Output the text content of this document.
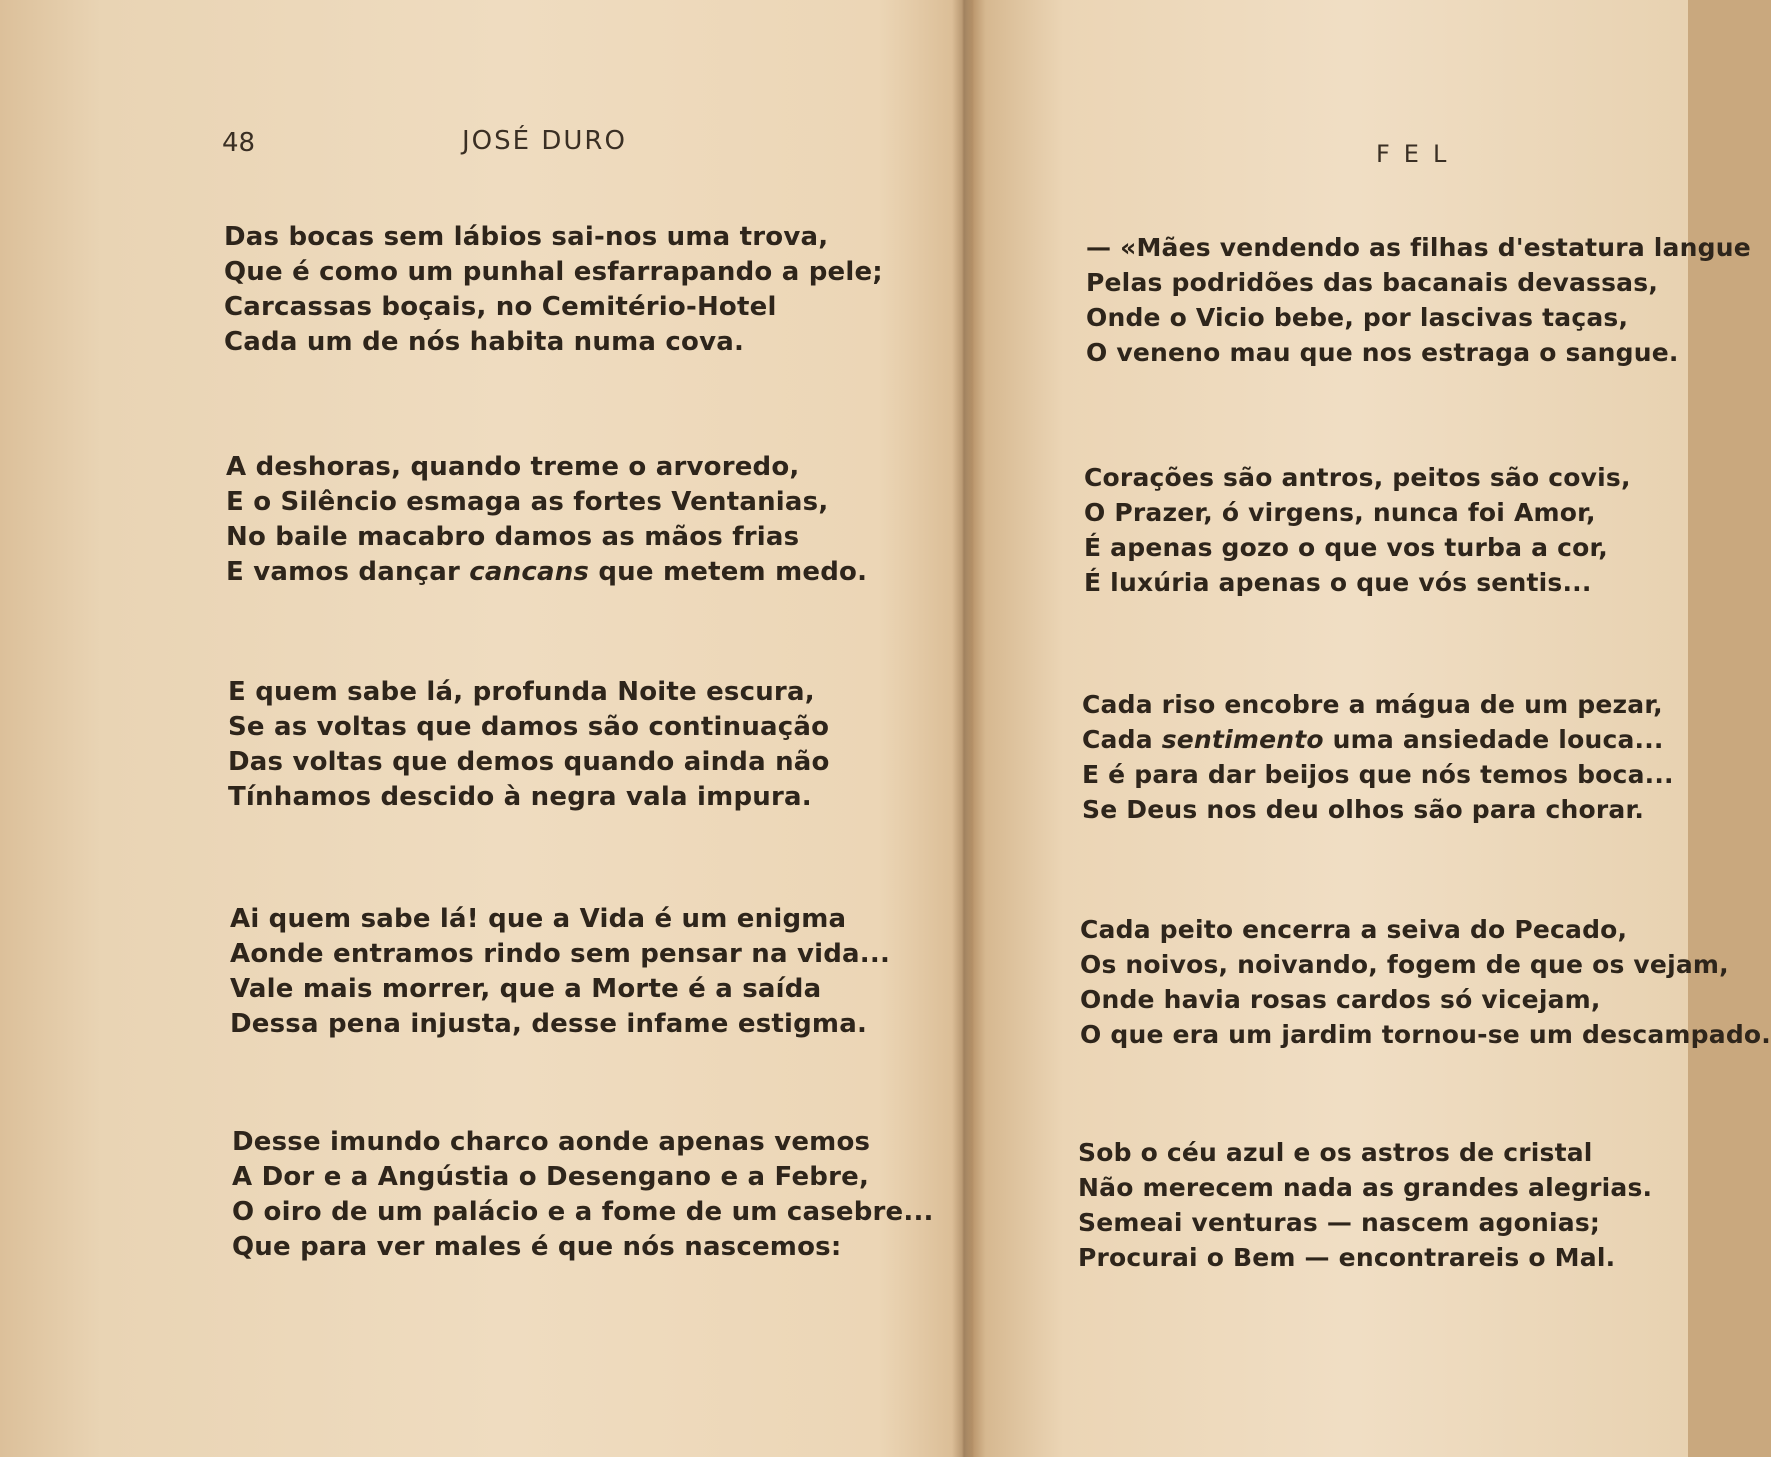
48	JOSÉ DURO
Das bocas sem lábios sai-nos uma trova,
Que é como um punhal esfarrapando a pele;
Carcassas boçais, no Cemitério-Hotel
Cada um de nós habita numa cova.
A deshoras, quando treme o arvoredo,
E o Silêncio esmaga as fortes Ventanias,
No baile macabro damos as mãos frias
E vamos dançar cancans que metem medo.
E quem sabe lá, profunda Noite escura,
Se as voltas que damos são continuação
Das voltas que demos quando ainda não
Tínhamos descido à negra vala impura.
Ai quem sabe lá! que a Vida é um enigma
Aonde entramos rindo sem pensar na vida...
Vale mais morrer, que a Morte é a saída
Dessa pena injusta, desse infame estigma.
Desse imundo charco aonde apenas vemos
A Dor e a Angústia o Desengano e a Febre,
O oiro de um palácio e a fome de um casebre...
Que para ver males é que nós nascemos:
FEL
— «Mães vendendo as filhas d'estatura langue
Pelas podridões das bacanais devassas,
Onde o Vicio bebe, por lascivas taças,
O veneno mau que nos estraga o sangue.
Corações são antros, peitos são covis,
O Prazer, ó virgens, nunca foi Amor,
É apenas gozo o que vos turba a cor,
É luxúria apenas o que vós sentis...
Cada riso encobre a mágua de um pezar,
Cada sentimento uma ansiedade louca...
E é para dar beijos que nós temos boca...
Se Deus nos deu olhos são para chorar.
Cada peito encerra a seiva do Pecado,
Os noivos, noivando, fogem de que os vejam,
Onde havia rosas cardos só vicejam,
O que era um jardim tornou-se um descampado.
Sob o céu azul e os astros de cristal
Não merecem nada as grandes alegrias.
Semeai venturas — nascem agonias;
Procurai o Bem — encontrareis o Mal.
